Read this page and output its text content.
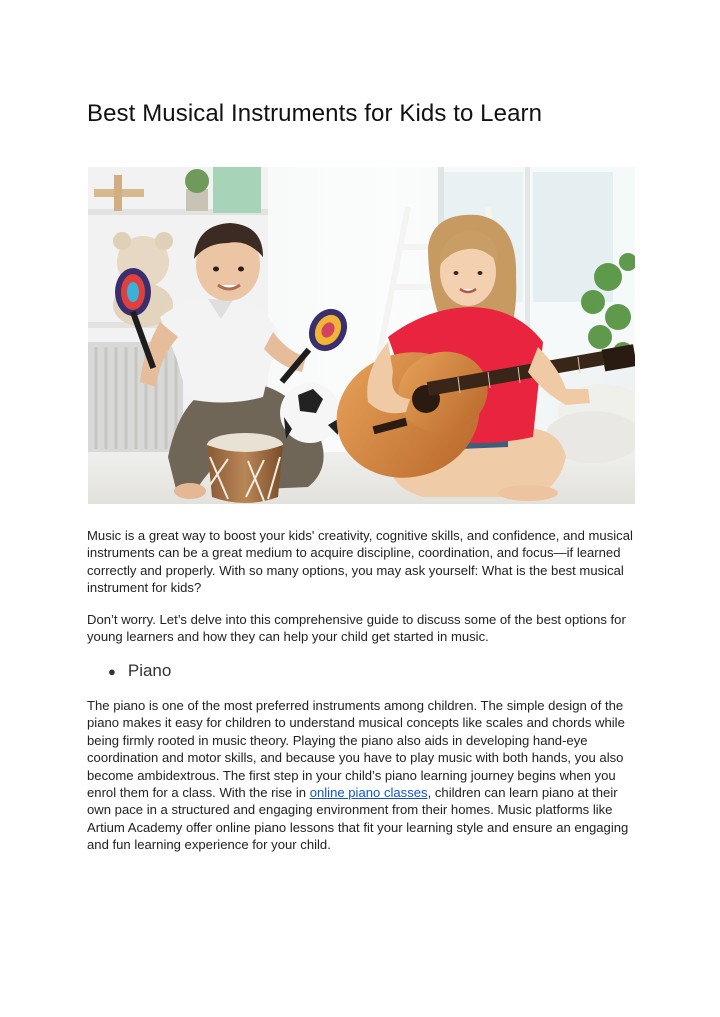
Best Musical Instruments for Kids to Learn

Music is a great way to boost your kids' creativity, cognitive skills, and confidence, and musical instruments can be a great medium to acquire discipline, coordination, and focus—if learned correctly and properly. With so many options, you may ask yourself: What is the best musical instrument for kids?

Don’t worry. Let’s delve into this comprehensive guide to discuss some of the best options for young learners and how they can help your child get started in music.

● Piano

The piano is one of the most preferred instruments among children. The simple design of the piano makes it easy for children to understand musical concepts like scales and chords while being firmly rooted in music theory. Playing the piano also aids in developing hand-eye coordination and motor skills, and because you have to play music with both hands, you also become ambidextrous. The first step in your child’s piano learning journey begins when you enrol them for a class. With the rise in online piano classes, children can learn piano at their own pace in a structured and engaging environment from their homes. Music platforms like Artium Academy offer online piano lessons that fit your learning style and ensure an engaging and fun learning experience for your child.
